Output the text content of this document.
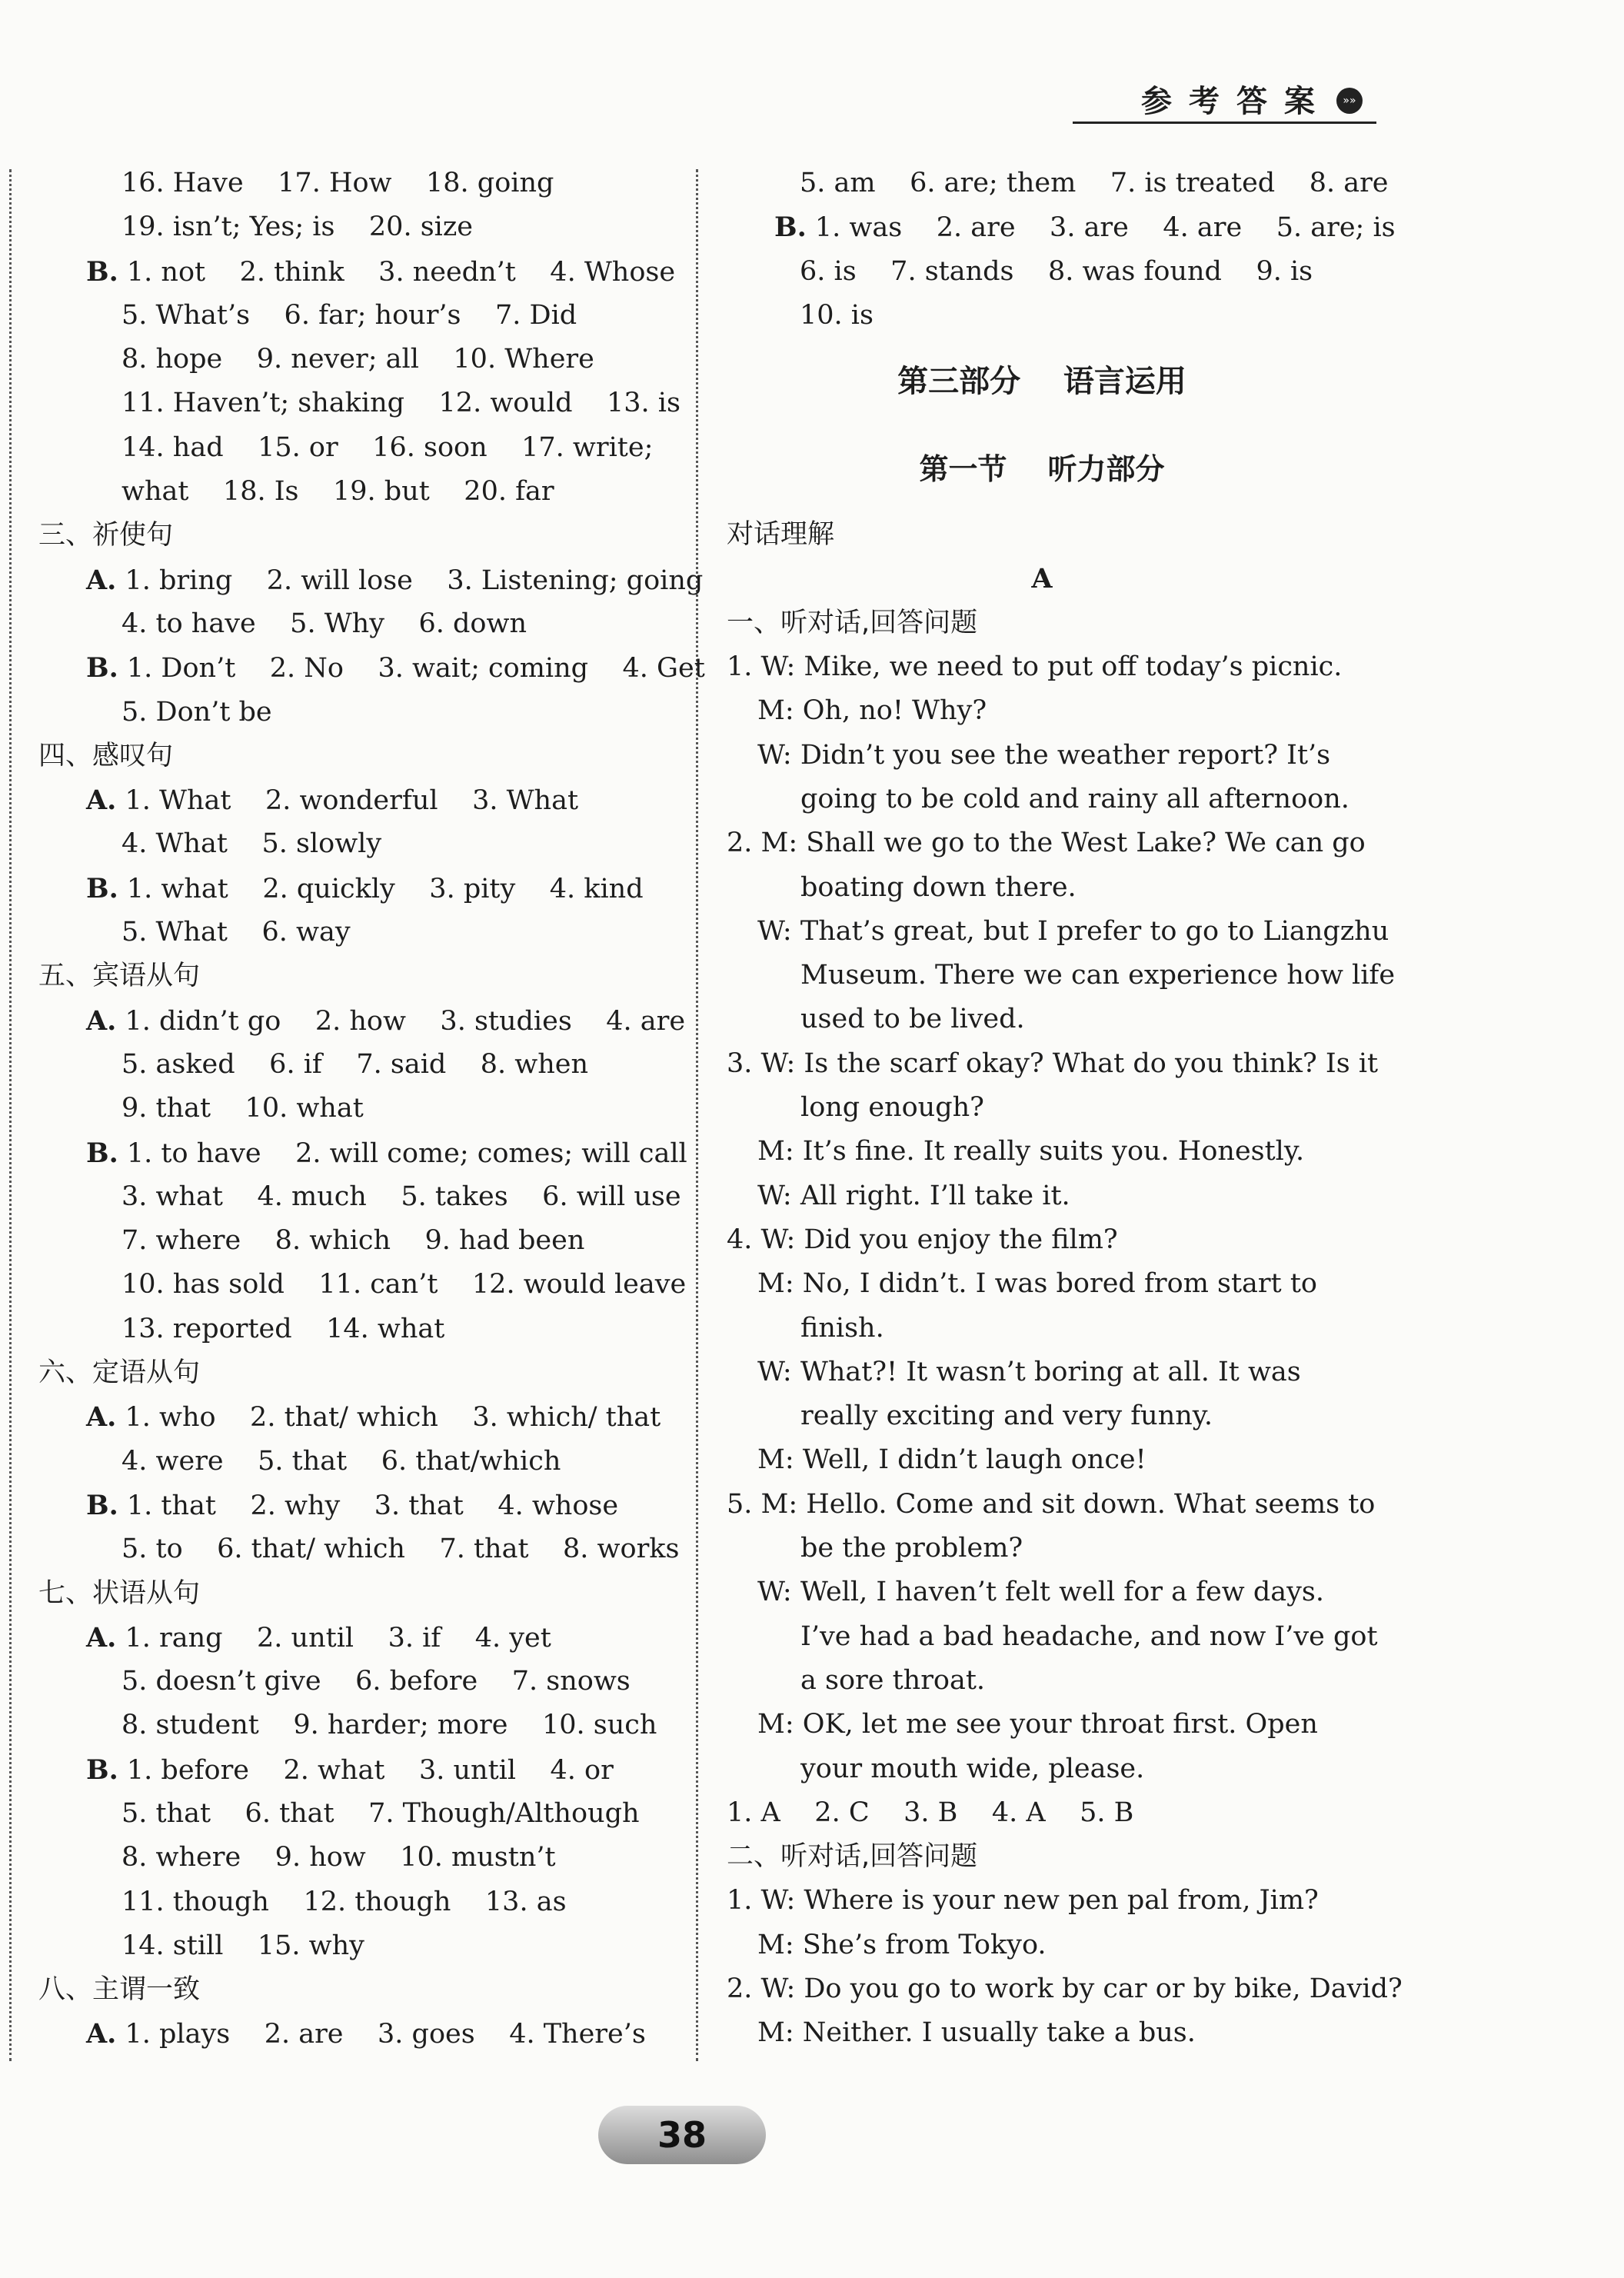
参考答案	»»
16. Have    17. How    18. going
19. isn’t; Yes; is    20. size
B. 1. not    2. think    3. needn’t    4. Whose
5. What’s    6. far; hour’s    7. Did
8. hope    9. never; all    10. Where
11. Haven’t; shaking    12. would    13. is
14. had    15. or    16. soon    17. write;
what    18. Is    19. but    20. far
三、祈使句
A. 1. bring    2. will lose    3. Listening; going
4. to have    5. Why    6. down
B. 1. Don’t    2. No    3. wait; coming    4. Get
5. Don’t be
四、感叹句
A. 1. What    2. wonderful    3. What
4. What    5. slowly
B. 1. what    2. quickly    3. pity    4. kind
5. What    6. way
五、宾语从句
A. 1. didn’t go    2. how    3. studies    4. are
5. asked    6. if    7. said    8. when
9. that    10. what
B. 1. to have    2. will come; comes; will call
3. what    4. much    5. takes    6. will use
7. where    8. which    9. had been
10. has sold    11. can’t    12. would leave
13. reported    14. what
六、定语从句
A. 1. who    2. that/ which    3. which/ that
4. were    5. that    6. that/which
B. 1. that    2. why    3. that    4. whose
5. to    6. that/ which    7. that    8. works
七、状语从句
A. 1. rang    2. until    3. if    4. yet
5. doesn’t give    6. before    7. snows
8. student    9. harder; more    10. such
B. 1. before    2. what    3. until    4. or
5. that    6. that    7. Though/Although
8. where    9. how    10. mustn’t
11. though    12. though    13. as
14. still    15. why
八、主谓一致
A. 1. plays    2. are    3. goes    4. There’s
5. am    6. are; them    7. is treated    8. are
B. 1. was    2. are    3. are    4. are    5. are; is
6. is    7. stands    8. was found    9. is
10. is
第三部分    语言运用
第一节    听力部分
对话理解
A
一、听对话,回答问题
1. W: Mike, we need to put off today’s picnic.
M: Oh, no! Why?
W: Didn’t you see the weather report? It’s
going to be cold and rainy all afternoon.
2. M: Shall we go to the West Lake? We can go
boating down there.
W: That’s great, but I prefer to go to Liangzhu
Museum. There we can experience how life
used to be lived.
3. W: Is the scarf okay? What do you think? Is it
long enough?
M: It’s fine. It really suits you. Honestly.
W: All right. I’ll take it.
4. W: Did you enjoy the film?
M: No, I didn’t. I was bored from start to
finish.
W: What?! It wasn’t boring at all. It was
really exciting and very funny.
M: Well, I didn’t laugh once!
5. M: Hello. Come and sit down. What seems to
be the problem?
W: Well, I haven’t felt well for a few days.
I’ve had a bad headache, and now I’ve got
a sore throat.
M: OK, let me see your throat first. Open
your mouth wide, please.
1. A    2. C    3. B    4. A    5. B
二、听对话,回答问题
1. W: Where is your new pen pal from, Jim?
M: She’s from Tokyo.
2. W: Do you go to work by car or by bike, David?
M: Neither. I usually take a bus.
38
